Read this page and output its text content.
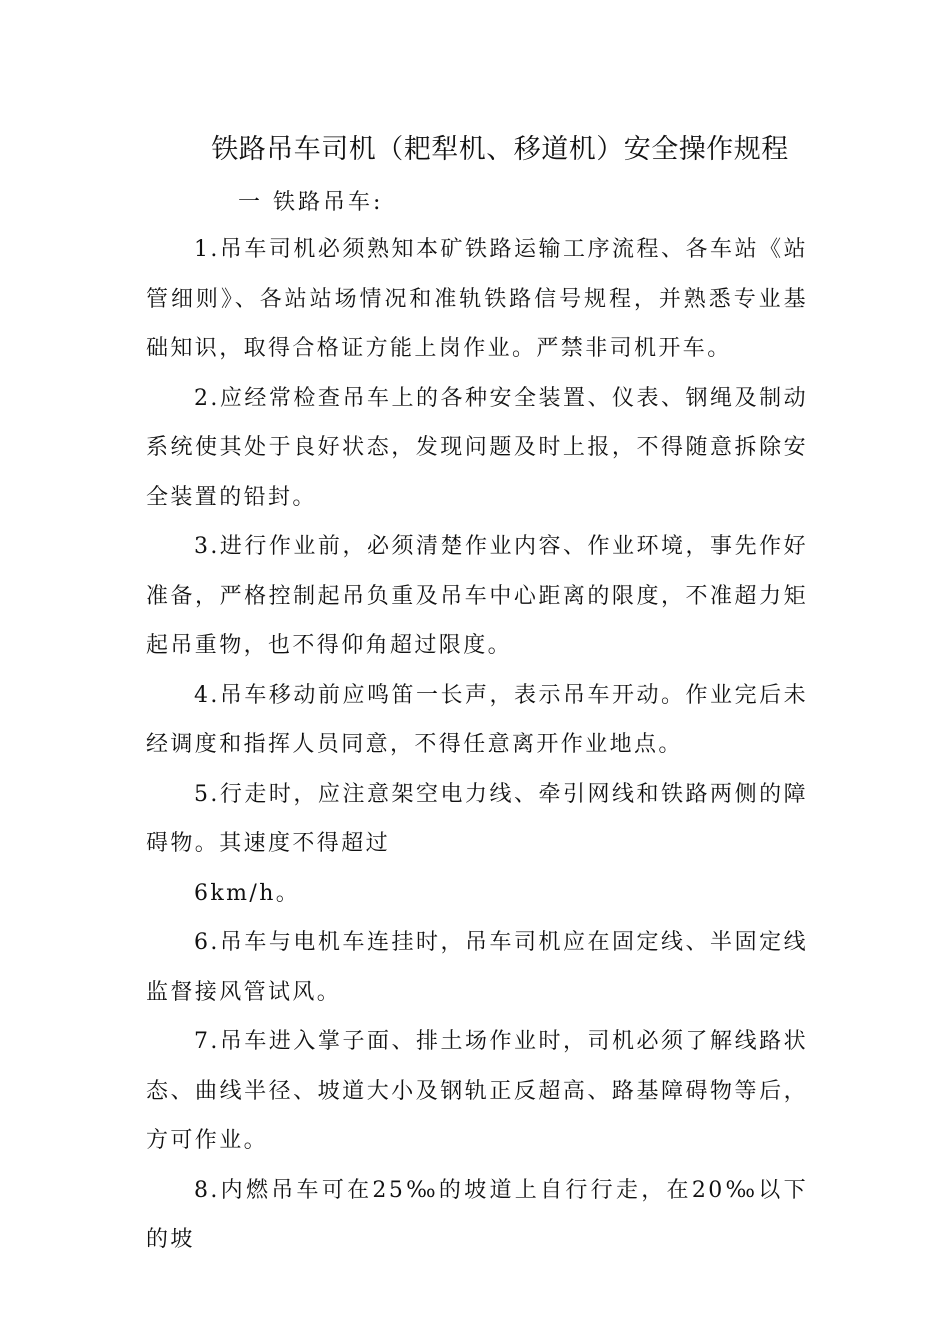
铁路吊车司机（耙犁机、移道机）安全操作规程
一 铁路吊车:

1.吊车司机必须熟知本矿铁路运输工序流程、各车站《站管细则》、各站站场情况和准轨铁路信号规程，并熟悉专业基础知识，取得合格证方能上岗作业。严禁非司机开车。

2.应经常检查吊车上的各种安全装置、仪表、钢绳及制动系统使其处于良好状态，发现问题及时上报，不得随意拆除安全装置的铅封。

3.进行作业前，必须清楚作业内容、作业环境，事先作好准备，严格控制起吊负重及吊车中心距离的限度，不准超力矩起吊重物，也不得仰角超过限度。

4.吊车移动前应鸣笛一长声，表示吊车开动。作业完后未经调度和指挥人员同意，不得任意离开作业地点。

5.行走时，应注意架空电力线、牵引网线和铁路两侧的障碍物。其速度不得超过

6km/h。

6.吊车与电机车连挂时，吊车司机应在固定线、半固定线监督接风管试风。

7.吊车进入掌子面、排土场作业时，司机必须了解线路状态、曲线半径、坡道大小及钢轨正反超高、路基障碍物等后，方可作业。

8.内燃吊车可在25‰的坡道上自行行走，在20‰以下的坡
